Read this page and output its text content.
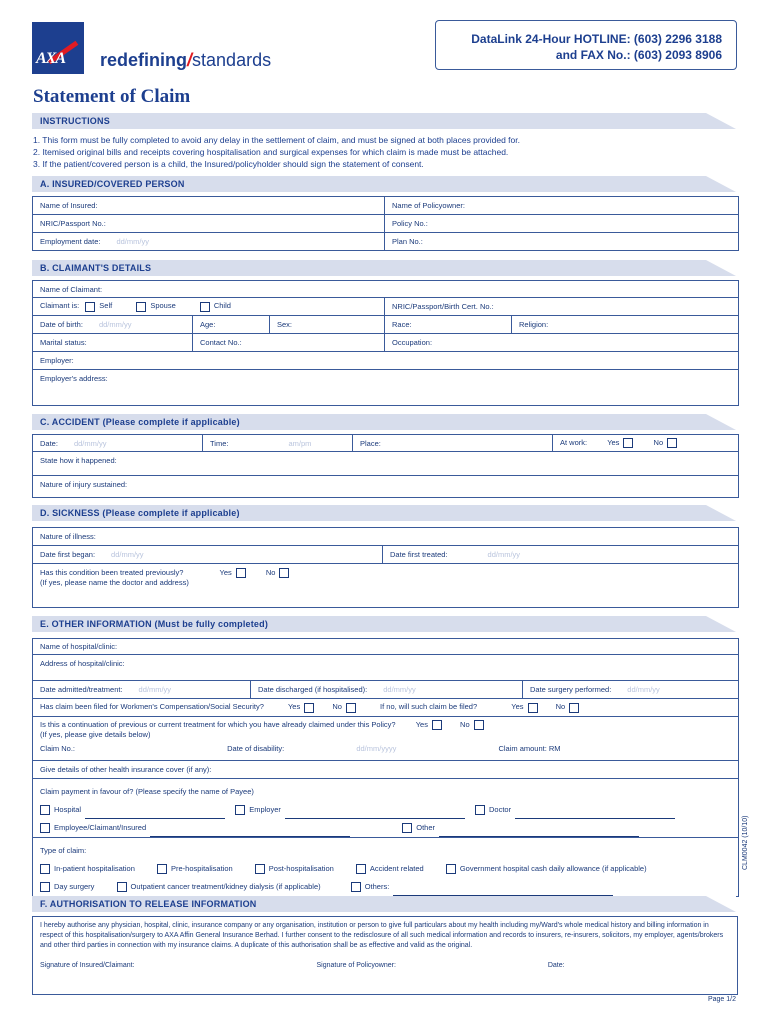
AXA redefining/standards
DataLink 24-Hour HOTLINE: (603) 2296 3188
and FAX No.: (603) 2093 8906
Statement of Claim
INSTRUCTIONS
1. This form must be fully completed to avoid any delay in the settlement of claim, and must be signed at both places provided for.
2. Itemised original bills and receipts covering hospitalisation and surgical expenses for which claim is made must be attached.
3. If the patient/covered person is a child, the Insured/policyholder should sign the statement of consent.
A. INSURED/COVERED PERSON
Name of Insured:	Name of Policyowner:
NRIC/Passport No.:	Policy No.:
Employment date: dd/mm/yy	Plan No.:
B. CLAIMANT'S DETAILS
Name of Claimant:				
Claimant is: Self Spouse Child			NRIC/Passport/Birth Cert. No.:	
Date of birth: dd/mm/yy	Age:	Sex:	Race:	Religion:
Marital status:	Contact No.:		Occupation:	
Employer:				
Employer's address:				
C. ACCIDENT (Please complete if applicable)
Date: dd/mm/yy	Time:	am/pm	Place:	At work:	Yes	No
State how it happened:
Nature of injury sustained:
D. SICKNESS (Please complete if applicable)
Nature of illness:
Date first began: dd/mm/yy	Date first treated:	dd/mm/yy
Has this condition been treated previously?	Yes	No
(If yes, please name the doctor and address)
E. OTHER INFORMATION (Must be fully completed)
Name of hospital/clinic:
Address of hospital/clinic:
Date admitted/treatment: dd/mm/yy	Date discharged (if hospitalised): dd/mm/yy	Date surgery performed: dd/mm/yy
Has claim been filed for Workmen's Compensation/Social Security?	Yes	No	If no, will such claim be filed?	Yes	No
Is this a continuation of previous or current treatment for which you have already claimed under this Policy?	Yes	No
(If yes, please give details below)
Claim No.:	Date of disability:	dd/mm/yyyy	Claim amount: RM
Give details of other health insurance cover (if any):
Claim payment in favour of? (Please specify the name of Payee)
Hospital	Employer	Doctor
Employee/Claimant/Insured	Other
Type of claim:
In-patient hospitalisation	Pre-hospitalisation	Post-hospitalisation	Accident related	Government hospital cash daily allowance (if applicable)
Day surgery	Outpatient cancer treatment/kidney dialysis (if applicable)	Others:
F. AUTHORISATION TO RELEASE INFORMATION
I hereby authorise any physician, hospital, clinic, insurance company or any organisation, institution or person to give full particulars about my health including my/Ward's whole medical history and billing information in respect of this hospitalisation/surgery to AXA Affin General Insurance Berhad. I further consent to the redisclosure of all such medical information and records to insurers, re-insurers, solicitors, my employer, agents/brokers and other third parties in connection with my insurance claims. A duplicate of this authorisation shall be as effective and valid as the original.
Signature of Insured/Claimant:	Signature of Policyowner:	Date:
CLM0042 (10/10)
Page 1/2
